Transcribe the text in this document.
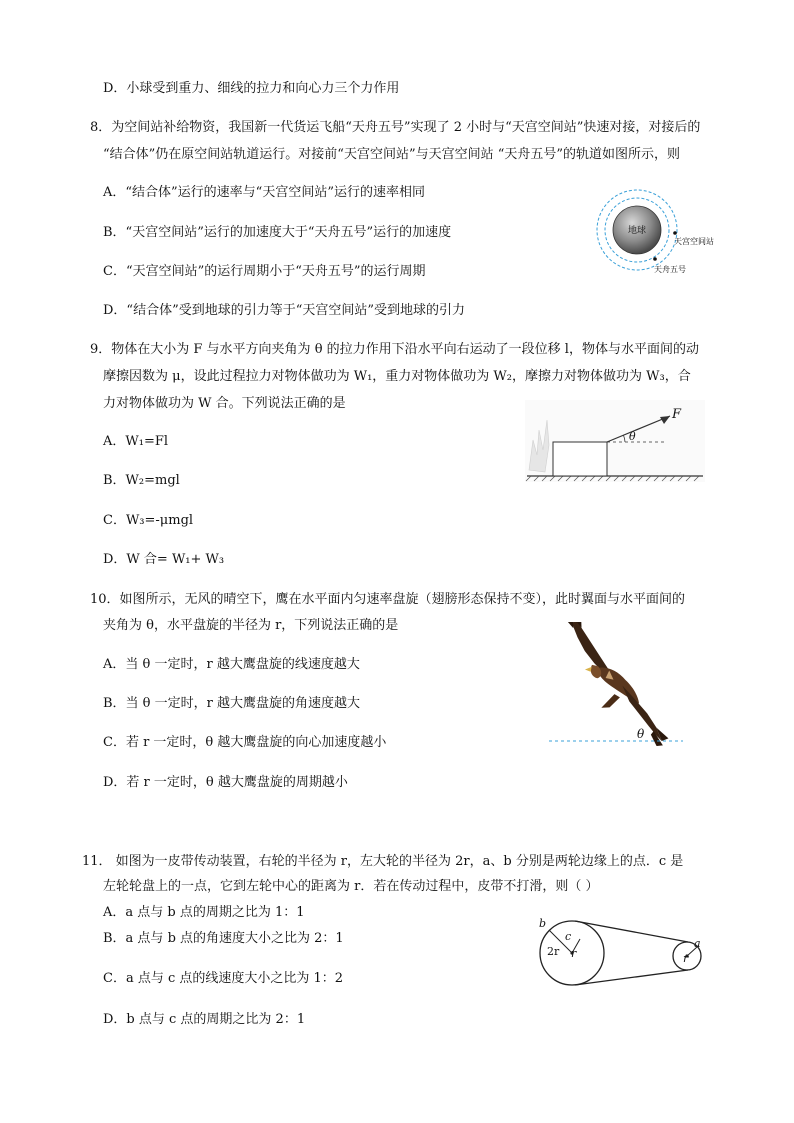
D．小球受到重力、细线的拉力和向心力三个力作用
8．为空间站补给物资，我国新一代货运飞船“天舟五号”实现了 2 小时与“天宫空间站”快速对接，对接后的
“结合体”仍在原空间站轨道运行。对接前“天宫空间站”与天宫空间站 “天舟五号”的轨道如图所示，则
A．“结合体”运行的速率与“天宫空间站”运行的速率相同
B．“天宫空间站”运行的加速度大于“天舟五号”运行的加速度
C．“天宫空间站”的运行周期小于“天舟五号”的运行周期
D．“结合体”受到地球的引力等于“天宫空间站”受到地球的引力
地球
天宫空间站
天舟五号
9．物体在大小为 F 与水平方向夹角为 θ 的拉力作用下沿水平向右运动了一段位移 l，物体与水平面间的动
摩擦因数为 μ，设此过程拉力对物体做功为 W₁，重力对物体做功为 W₂，摩擦力对物体做功为 W₃，合
力对物体做功为 W 合。下列说法正确的是
A．W₁=Fl
B．W₂=mgl
C．W₃=-μmgl
D．W 合= W₁+ W₃
θ
F
10．如图所示，无风的晴空下，鹰在水平面内匀速率盘旋（翅膀形态保持不变），此时翼面与水平面间的
夹角为 θ，水平盘旋的半径为 r，下列说法正确的是
A．当 θ 一定时，r 越大鹰盘旋的线速度越大
B．当 θ 一定时，r 越大鹰盘旋的角速度越大
C．若 r 一定时，θ 越大鹰盘旋的向心加速度越小
D．若 r 一定时，θ 越大鹰盘旋的周期越小
θ
11． 如图为一皮带传动装置，右轮的半径为 r，左大轮的半径为 2r，a、b 分别是两轮边缘上的点．c 是
左轮轮盘上的一点，它到左轮中心的距离为 r．若在传动过程中，皮带不打滑，则（ ）
A．a 点与 b 点的周期之比为 1：1
B．a 点与 b 点的角速度大小之比为 2：1
C．a 点与 c 点的线速度大小之比为 1：2
D．b 点与 c 点的周期之比为 2：1
b
c
2r r
a
r
